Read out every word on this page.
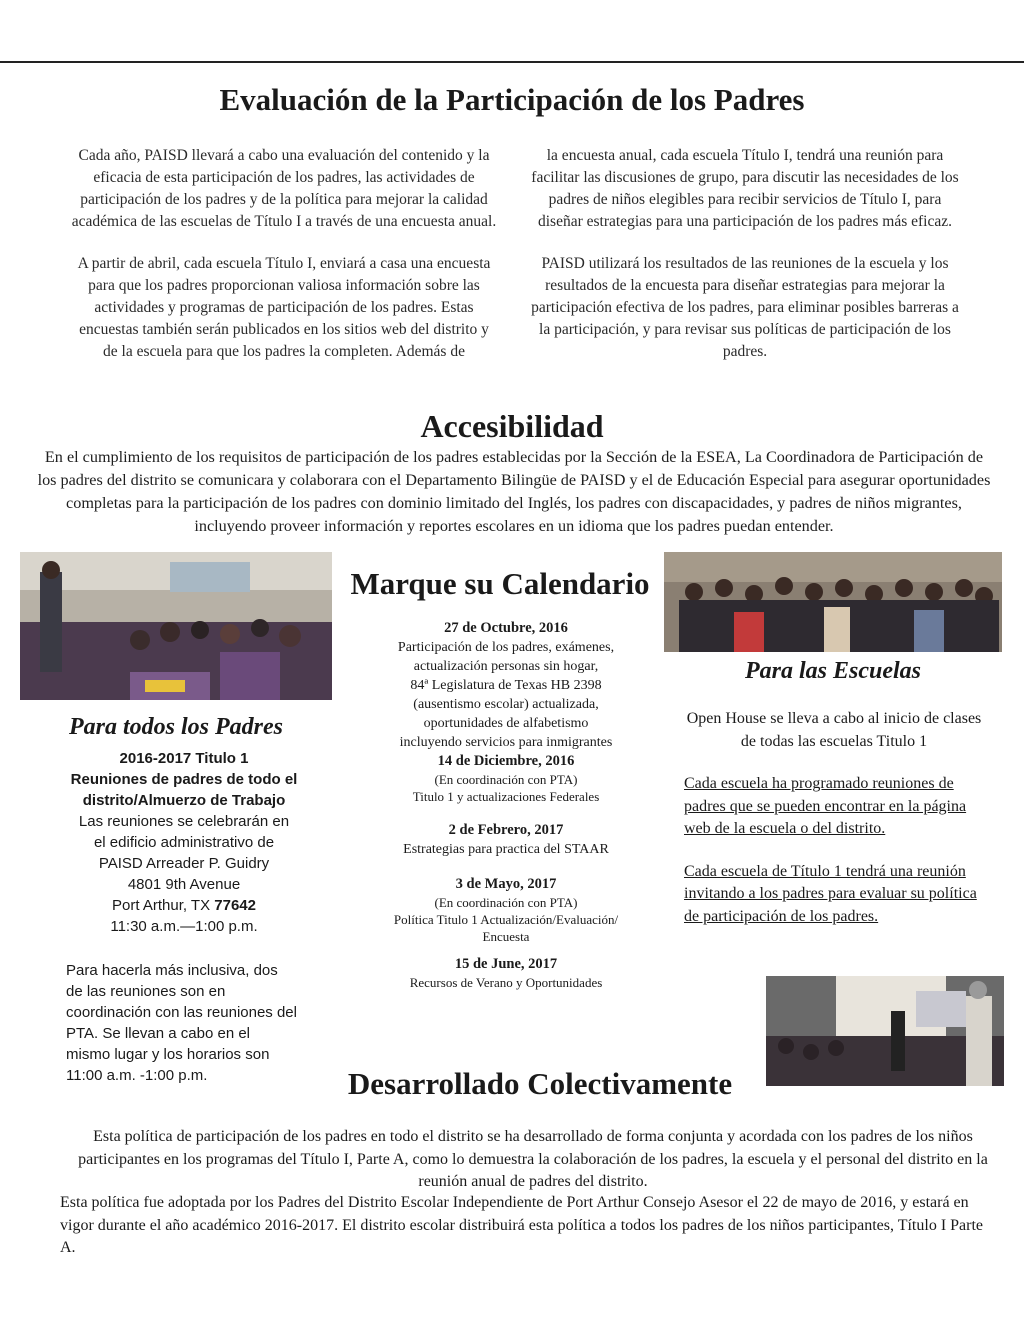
Evaluación de la Participación de los Padres

Cada año, PAISD llevará a cabo una evaluación del contenido y la eficacia de esta participación de los padres, las actividades de participación de los padres y de la política para mejorar la calidad académica de las escuelas de Título I a través de una encuesta anual.

A partir de abril, cada escuela Título I, enviará a casa una encuesta para que los padres proporcionan valiosa información sobre las actividades y programas de participación de los padres. Estas encuestas también serán publicados en los sitios web del distrito y de la escuela para que los padres la completen. Además de

la encuesta anual, cada escuela Título I, tendrá una reunión para facilitar las discusiones de grupo, para discutir las necesidades de los padres de niños elegibles para recibir servicios de Título I, para diseñar estrategias para una participación de los padres más eficaz.

PAISD utilizará los resultados de las reuniones de la escuela y los resultados de la encuesta para diseñar estrategias para mejorar la participación efectiva de los padres, para eliminar posibles barreras a la participación, y para revisar sus políticas de participación de los padres.

Accesibilidad
En el cumplimiento de los requisitos de participación de los padres establecidas por la Sección de la ESEA, La Coordinadora de Participación de los padres del distrito se comunicara y colaborara con el Departamento Bilingüe de PAISD y el de Educación Especial para asegurar oportunidades completas para la participación de los padres con dominio limitado del Inglés, los padres con discapacidades, y padres de niños migrantes, incluyendo proveer información y reportes escolares en un idioma que los padres puedan entender.
Para todos los Padres
2016-2017 Titulo 1
Reuniones de padres de todo el
distrito/Almuerzo de Trabajo
Las reuniones se celebrarán en
el edificio administrativo de
PAISD Arreader P. Guidry
4801 9th Avenue
Port Arthur, TX 77642
11:30 a.m.—1:00 p.m.
Para hacerla más inclusiva, dos de las reuniones son en coordinación con las reuniones del PTA. Se llevan a cabo en el mismo lugar y los horarios son 11:00 a.m. -1:00 p.m.
Marque su Calendario
27 de Octubre, 2016
Participación de los padres, exámenes,
actualización personas sin hogar,
84ª Legislatura de Texas HB 2398
(ausentismo escolar) actualizada,
oportunidades de alfabetismo
incluyendo servicios para inmigrantes
14 de Diciembre, 2016
(En coordinación con PTA)
Titulo 1 y actualizaciones Federales
2 de Febrero, 2017
Estrategias para practica del STAAR
3 de Mayo, 2017
(En coordinación con PTA)
Política Titulo 1 Actualización/Evaluación/
Encuesta
15 de June, 2017
Recursos de Verano y Oportunidades
Para las Escuelas

Open House se lleva a cabo al inicio de clases de todas las escuelas Titulo 1

Cada escuela ha programado reuniones de padres que se pueden encontrar en la página web de la escuela o del distrito.

Cada escuela de Título 1 tendrá una reunión invitando a los padres para evaluar su política de participación de los padres.

Desarrollado Colectivamente
Esta política de participación de los padres en todo el distrito se ha desarrollado de forma conjunta y acordada con los padres de los niños participantes en los programas del Título I, Parte A, como lo demuestra la colaboración de los padres, la escuela y el personal del distrito en la reunión anual de padres del distrito.
Esta política fue adoptada por los Padres del Distrito Escolar Independiente de Port Arthur Consejo Asesor el 22 de mayo de 2016, y estará en vigor durante el año académico 2016-2017. El distrito escolar distribuirá esta política a todos los padres de los niños participantes, Título I Parte A.
